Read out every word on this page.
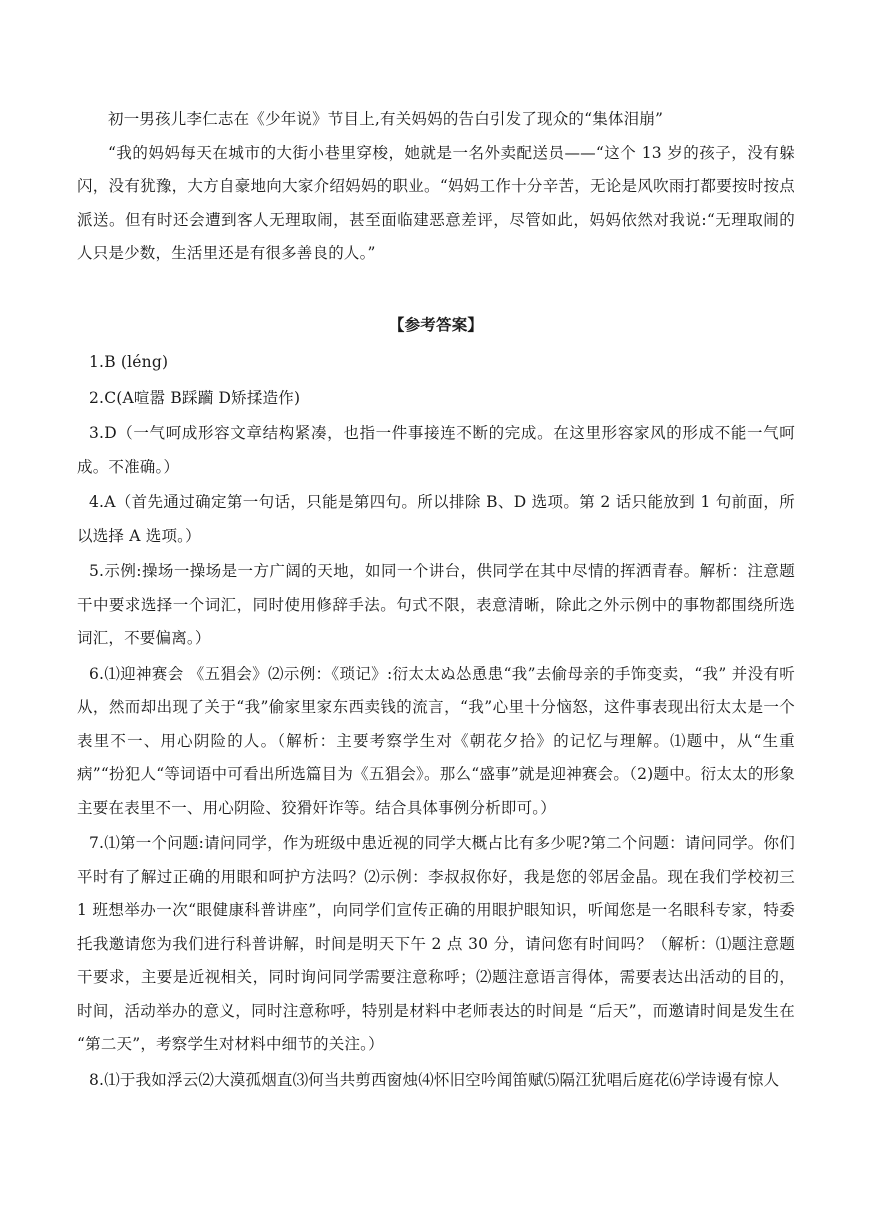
初一男孩儿李仁志在《少年说》节目上,有关妈妈的告白引发了现众的“集体泪崩”

“我的妈妈每天在城市的大街小巷里穿梭，她就是一名外卖配送员——“这个 13 岁的孩子，没有躲闪，没有犹豫，大方自豪地向大家介绍妈妈的职业。“妈妈工作十分辛苦，无论是风吹雨打都要按时按点派送。但有时还会遭到客人无理取闹，甚至面临建恶意差评，尽管如此，妈妈依然对我说:“无理取闹的人只是少数，生活里还是有很多善良的人。”

【参考答案】

1.B (léng)

2.C(A喧嚣 B踩躏 D矫揉造作)

3.D（一气呵成形容文章结构紧凑，也指一件事接连不断的完成。在这里形容家风的形成不能一气呵成。不准确。）

4.A（首先通过确定第一句话，只能是第四句。所以排除 B、D 选项。第 2 话只能放到 1 句前面，所以选择 A 选项。）

5.示例:操场一操场是一方广阔的天地，如同一个讲台，供同学在其中尽情的挥洒青春。解析：注意题干中要求选择一个词汇，同时使用修辞手法。句式不限，表意清晰，除此之外示例中的事物都围绕所选词汇，不要偏离。）

6.⑴迎神赛会 《五猖会》⑵示例：《琐记》:衍太太ぬ怂恿患“我”去偷母亲的手饰变卖，“我” 并没有听从，然而却出现了关于“我”偷家里家东西卖钱的流言，“我”心里十分恼怒，这件事表现出衍太太是一个表里不一、用心阴险的人。（解析：主要考察学生对《朝花夕拾》的记忆与理解。⑴题中，从“生重病”“扮犯人“等词语中可看出所选篇目为《五猖会》。那么“盛事”就是迎神赛会。（2)题中。衍太太的形象主要在表里不一、用心阴险、狡猾奸诈等。结合具体事例分析即可。）

7.⑴第一个问题:请问同学，作为班级中患近视的同学大概占比有多少呢?第二个问题：请问同学。你们平时有了解过正确的用眼和呵护方法吗？⑵示例：李叔叔你好，我是您的邻居金晶。现在我们学校初三 1 班想举办一次“眼健康科普讲座”，向同学们宣传正确的用眼护眼知识，听闻您是一名眼科专家，特委托我邀请您为我们进行科普讲解，时间是明天下午 2 点 30 分，请问您有时间吗？（解析：⑴题注意题干要求，主要是近视相关，同时询问同学需要注意称呼；⑵题注意语言得体，需要表达出活动的目的，时间，活动举办的意义，同时注意称呼，特别是材料中老师表达的时间是 “后天”，而邀请时间是发生在 “第二天”，考察学生对材料中细节的关注。）

8.⑴于我如浮云⑵大漠孤烟直⑶何当共剪西窗烛⑷怀旧空吟闻笛赋⑸隔江犹唱后庭花⑹学诗谩有惊人
